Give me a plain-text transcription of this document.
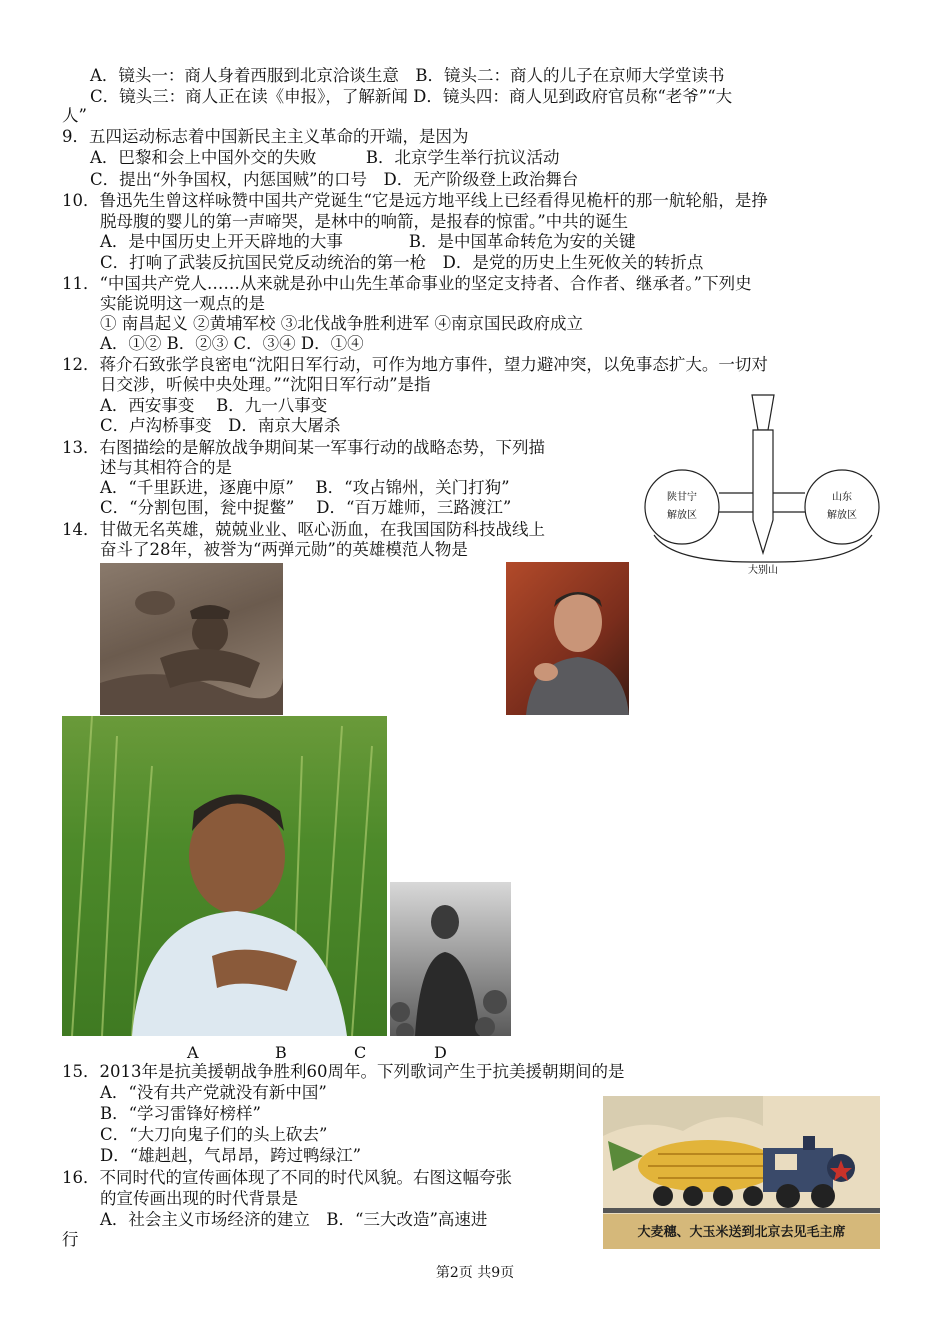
A．镜头一：商人身着西服到北京洽谈生意　B．镜头二：商人的儿子在京师大学堂读书
C．镜头三：商人正在读《申报》，了解新闻 D．镜头四：商人见到政府官员称“老爷”“大
人”
9．五四运动标志着中国新民主主义革命的开端，是因为
A．巴黎和会上中国外交的失败　　　B．北京学生举行抗议活动
C．提出“外争国权，内惩国贼”的口号　D．无产阶级登上政治舞台
10．鲁迅先生曾这样咏赞中国共产党诞生“它是远方地平线上已经看得见桅杆的那一航轮船，是挣
脱母腹的婴儿的第一声啼哭，是林中的响箭，是报春的惊雷。”中共的诞生
A．是中国历史上开天辟地的大事　　　　B．是中国革命转危为安的关键
C．打响了武装反抗国民党反动统治的第一枪　D．是党的历史上生死攸关的转折点
11．“中国共产党人……从来就是孙中山先生革命事业的坚定支持者、合作者、继承者。”下列史
实能说明这一观点的是
① 南昌起义 ②黄埔军校 ③北伐战争胜利进军 ④南京国民政府成立
A．①② B．②③ C．③④ D．①④
12．蒋介石致张学良密电“沈阳日军行动，可作为地方事件，望力避冲突，以免事态扩大。一切对
日交涉，听候中央处理。”“沈阳日军行动”是指
A．西安事变　 B．九一八事变
C．卢沟桥事变　D．南京大屠杀
13．右图描绘的是解放战争期间某一军事行动的战略态势，下列描
述与其相符合的是
A．“千里跃进，逐鹿中原”　 B．“攻占锦州，关门打狗”
C．“分割包围，瓮中捉鳖”　 D．“百万雄师，三路渡江”
14．甘做无名英雄，兢兢业业、呕心沥血，在我国国防科技战线上
奋斗了28年，被誉为“两弹元勋”的英雄模范人物是
陕甘宁
解放区
山东
解放区
大别山
A	B	C	D
15．2013年是抗美援朝战争胜利60周年。下列歌词产生于抗美援朝期间的是
A．“没有共产党就没有新中国”
B．“学习雷锋好榜样”
C．“大刀向鬼子们的头上砍去”
D．“雄赳赳，气昂昂，跨过鸭绿江”
16．不同时代的宣传画体现了不同的时代风貌。右图这幅夸张
的宣传画出现的时代背景是
A．社会主义市场经济的建立　B．“三大改造”高速进
行	大麦穗、大玉米送到北京去见毛主席
第2页 共9页
